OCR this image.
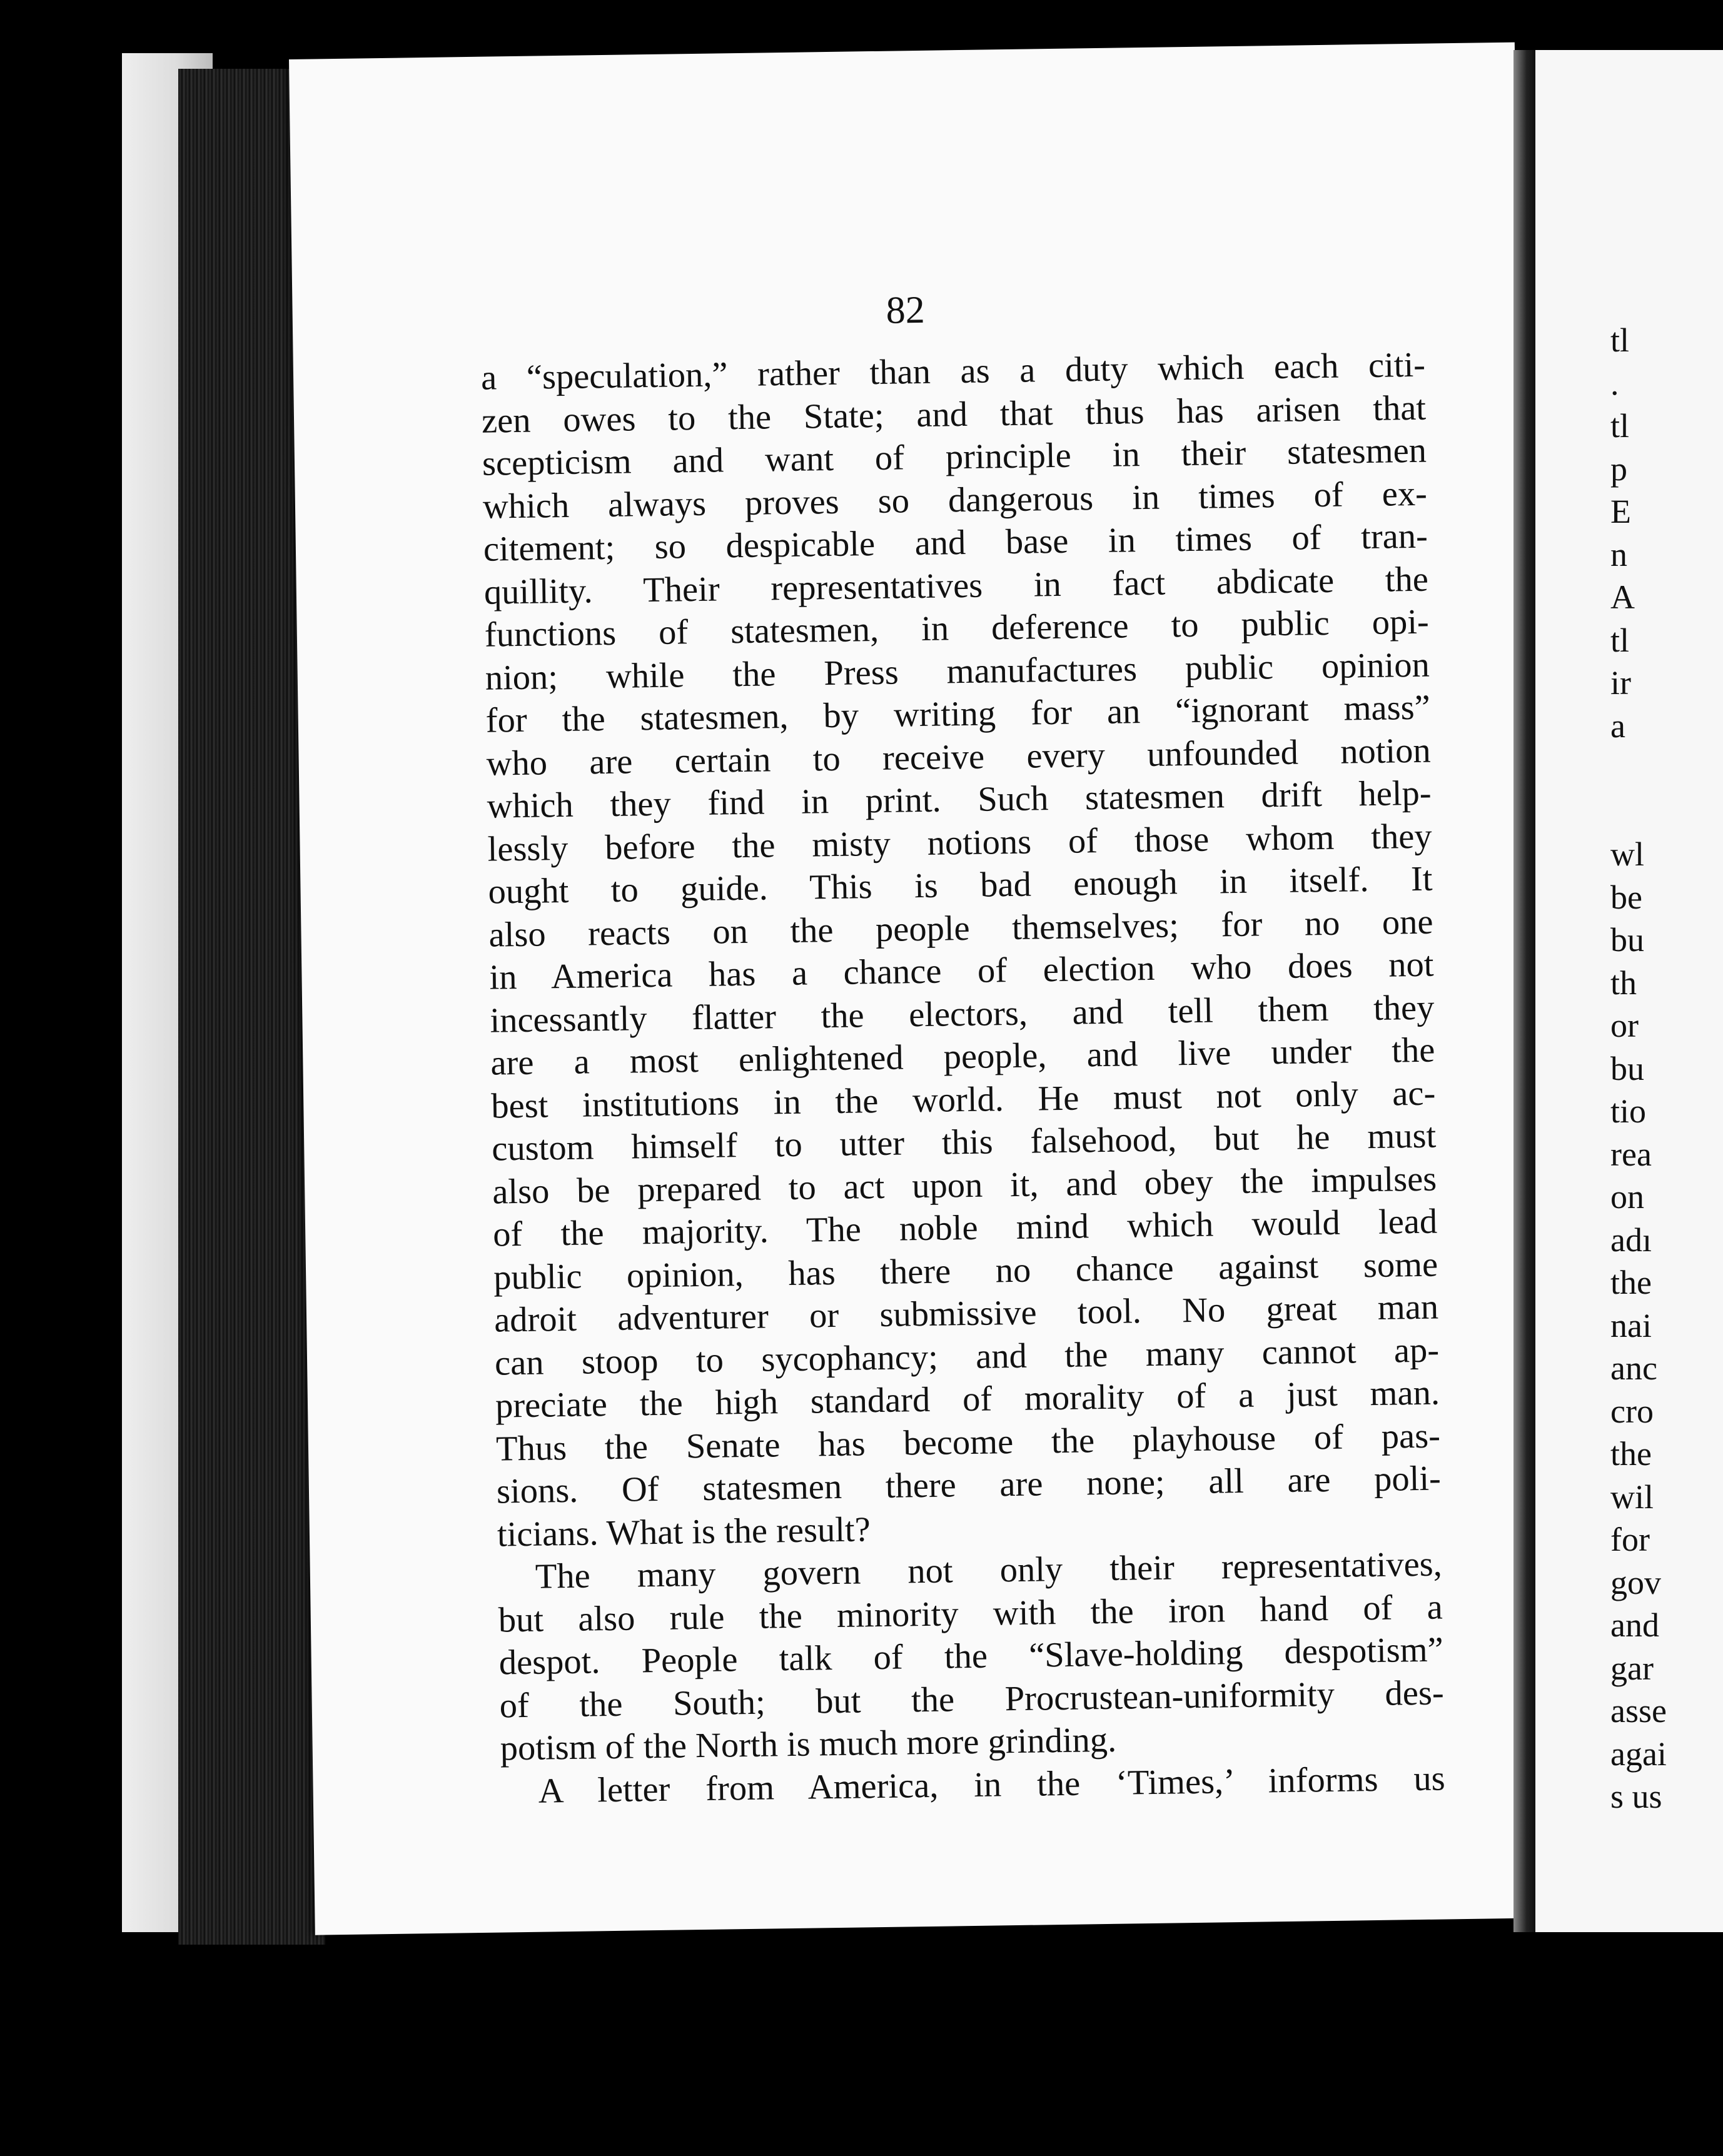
82
a “speculation,” rather than as a duty which each citi-
zen owes to the State; and that thus has arisen that
scepticism and want of principle in their statesmen
which always proves so dangerous in times of ex-
citement; so despicable and base in times of tran-
quillity. Their representatives in fact abdicate the
functions of statesmen, in deference to public opi-
nion; while the Press manufactures public opinion
for the statesmen, by writing for an “ignorant mass”
who are certain to receive every unfounded notion
which they find in print. Such statesmen drift help-
lessly before the misty notions of those whom they
ought to guide. This is bad enough in itself. It
also reacts on the people themselves; for no one
in America has a chance of election who does not
incessantly flatter the electors, and tell them they
are a most enlightened people, and live under the
best institutions in the world. He must not only ac-
custom himself to utter this falsehood, but he must
also be prepared to act upon it, and obey the impulses
of the majority. The noble mind which would lead
public opinion, has there no chance against some
adroit adventurer or submissive tool. No great man
can stoop to sycophancy; and the many cannot ap-
preciate the high standard of morality of a just man.
Thus the Senate has become the playhouse of pas-
sions. Of statesmen there are none; all are poli-
ticians. What is the result?
The many govern not only their representatives,
but also rule the minority with the iron hand of a
despot. People talk of the “Slave-holding despotism”
of the South; but the Procrustean-uniformity des-
potism of the North is much more grinding.
A letter from America, in the ‘Times,’ informs us
tl
.
tl
p
E
n
A
tl
ir
a
wl
be
bu
th
or
bu
tio
rea
on
adı
the
nai
anc
cro
the
wil
for
gov
and
gar
asse
agai
s us
